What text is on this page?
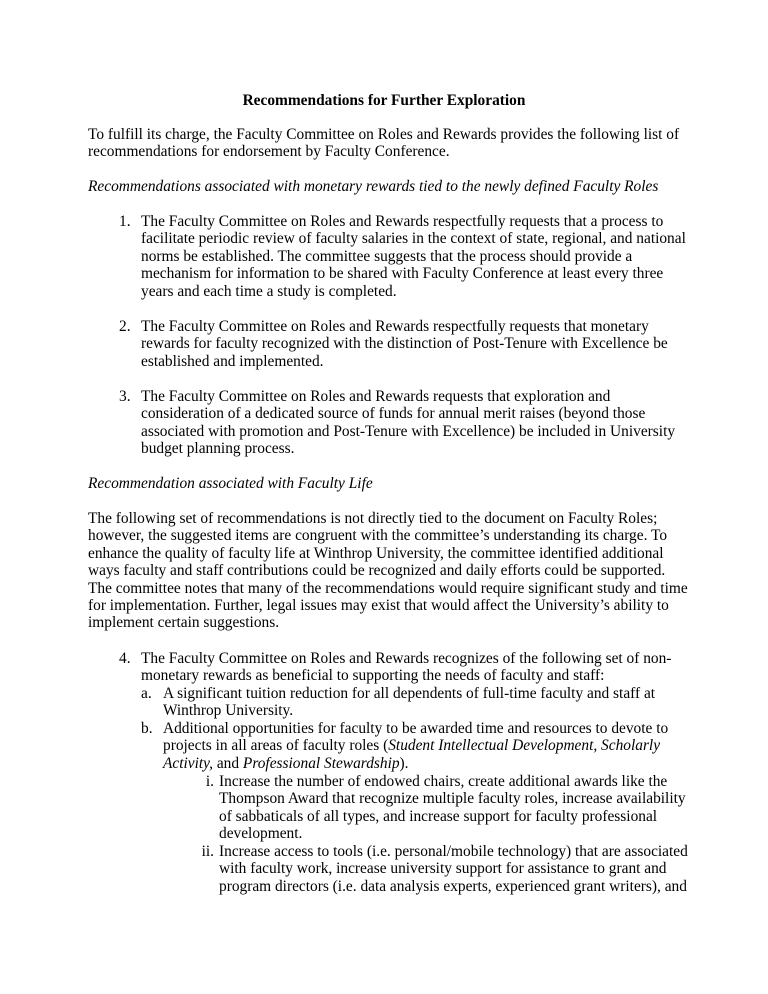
Recommendations for Further Exploration

To fulfill its charge, the Faculty Committee on Roles and Rewards provides the following list of recommendations for endorsement by Faculty Conference.

Recommendations associated with monetary rewards tied to the newly defined Faculty Roles

1. The Faculty Committee on Roles and Rewards respectfully requests that a process to facilitate periodic review of faculty salaries in the context of state, regional, and national norms be established. The committee suggests that the process should provide a mechanism for information to be shared with Faculty Conference at least every three years and each time a study is completed.

2. The Faculty Committee on Roles and Rewards respectfully requests that monetary rewards for faculty recognized with the distinction of Post-Tenure with Excellence be established and implemented.

3. The Faculty Committee on Roles and Rewards requests that exploration and consideration of a dedicated source of funds for annual merit raises (beyond those associated with promotion and Post-Tenure with Excellence) be included in University budget planning process.

Recommendation associated with Faculty Life

The following set of recommendations is not directly tied to the document on Faculty Roles; however, the suggested items are congruent with the committee’s understanding its charge. To enhance the quality of faculty life at Winthrop University, the committee identified additional ways faculty and staff contributions could be recognized and daily efforts could be supported. The committee notes that many of the recommendations would require significant study and time for implementation. Further, legal issues may exist that would affect the University’s ability to implement certain suggestions.

4. The Faculty Committee on Roles and Rewards recognizes of the following set of non-monetary rewards as beneficial to supporting the needs of faculty and staff:

a. A significant tuition reduction for all dependents of full-time faculty and staff at Winthrop University.

b. Additional opportunities for faculty to be awarded time and resources to devote to projects in all areas of faculty roles (Student Intellectual Development, Scholarly Activity, and Professional Stewardship).

i. Increase the number of endowed chairs, create additional awards like the Thompson Award that recognize multiple faculty roles, increase availability of sabbaticals of all types, and increase support for faculty professional development.

ii. Increase access to tools (i.e. personal/mobile technology) that are associated with faculty work, increase university support for assistance to grant and program directors (i.e. data analysis experts, experienced grant writers), and
